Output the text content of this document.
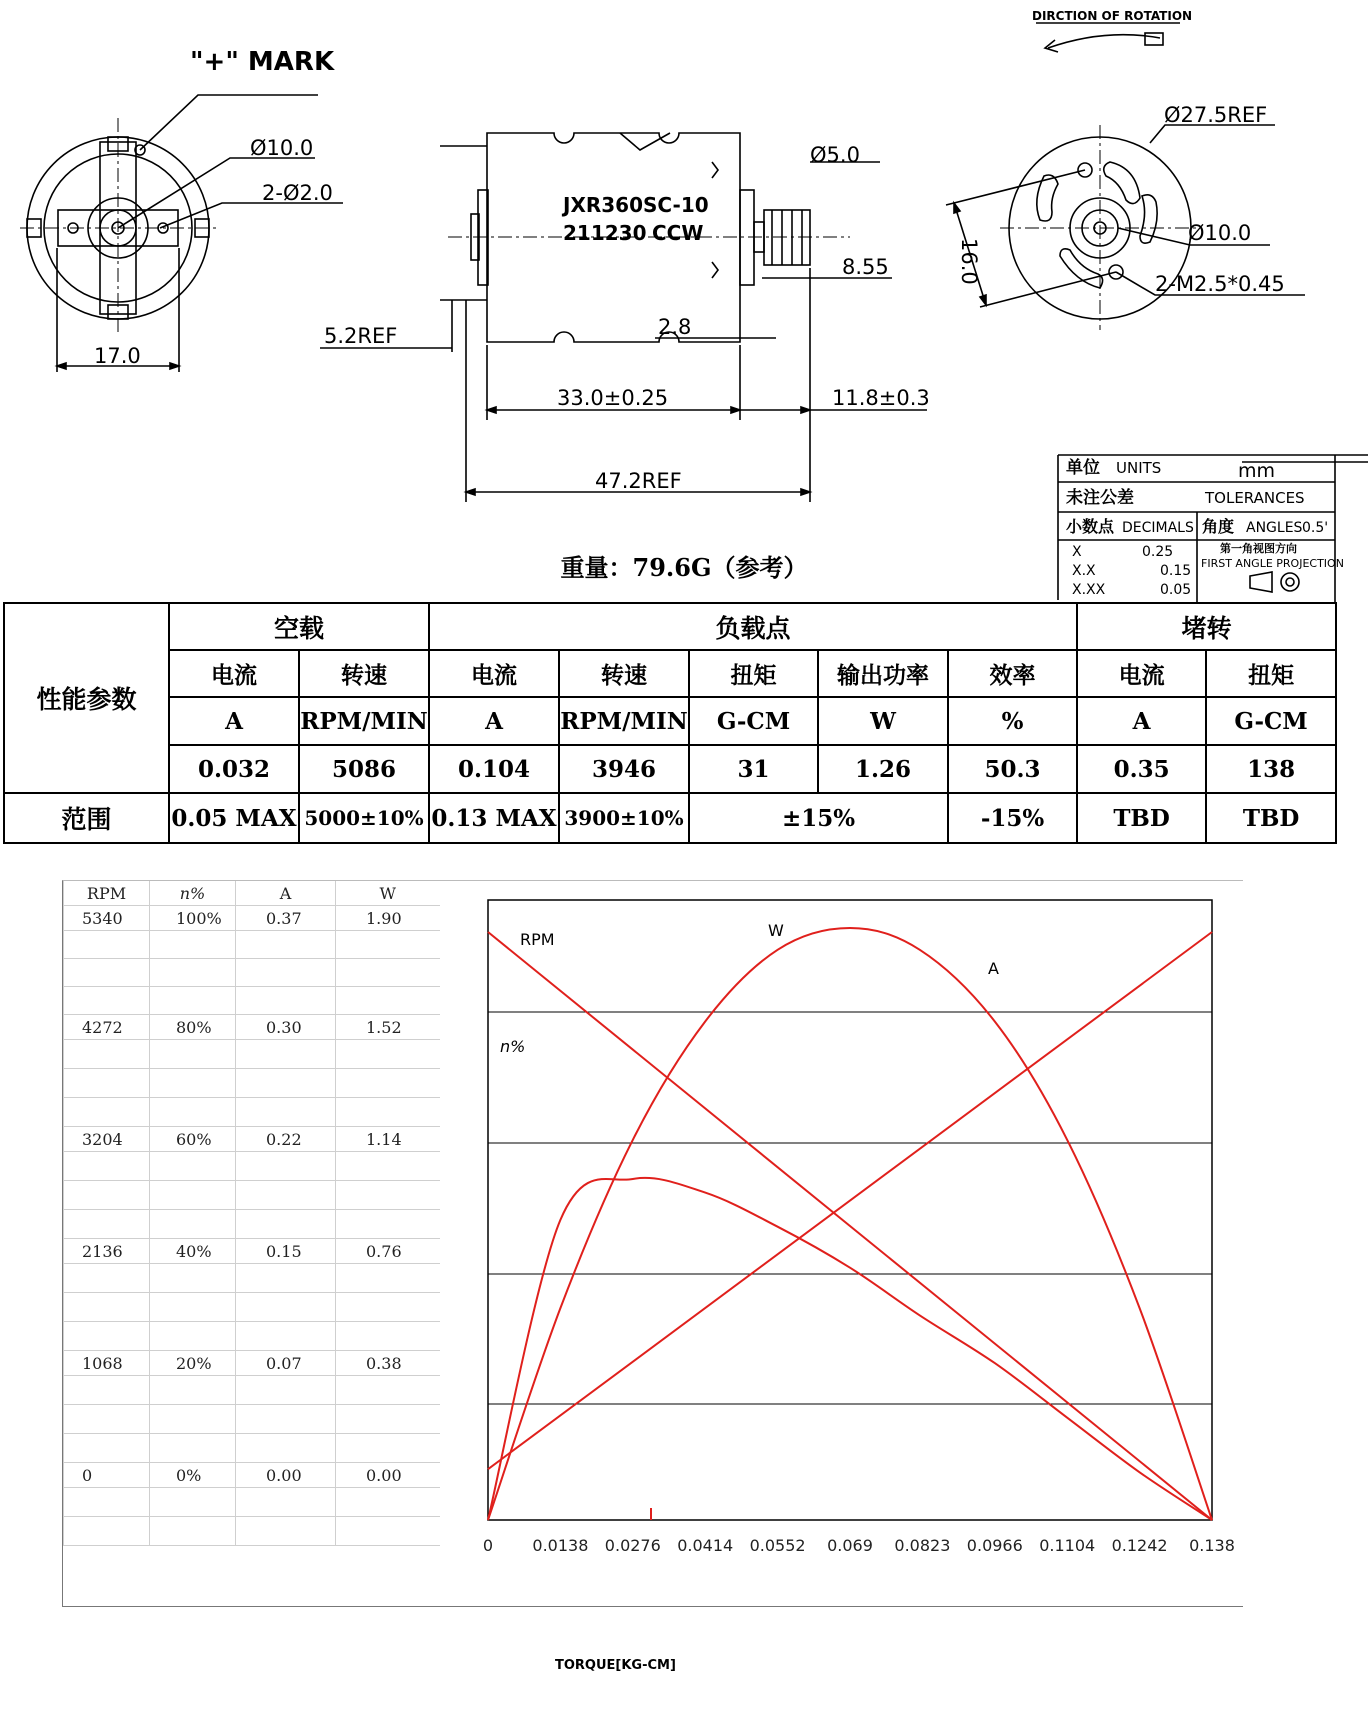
"+" MARK
DIRCTION OF ROTATION
Ø10.0
2-Ø2.0
17.0
JXR360SC-10
211230 CCW
Ø5.0
8.55
2.8
5.2REF
33.0±0.25	11.8±0.3
47.2REF
Ø27.5REF
Ø10.0
16.0	2-M2.5*0.45
单位 UNITS	mm
未注公差	TOLERANCES
小数点 DECIMALS 角度 ANGLES 0.5'
X	0.25
X.X	0.15
X.XX	0.05
第一角视图方向
FIRST ANGLE PROJECTION
重量：79.6G（参考）
性能参数	空载		负载点					堵转	
	电流	转速	电流	转速	扭矩	输出功率	效率	电流	扭矩
	A	RPM/MIN	A	RPM/MIN	G-CM	W	%	A	G-CM
	0.032	5086	0.104	3946	31	1.26	50.3	0.35	138
范围	0.05 MAX	5000±10%	0.13 MAX	3900±10%	±15%		-15%	TBD	TBD
RPM	n%	A	W
5340	100%	0.37	1.90

4272	80%	0.30	1.52

3204	60%	0.22	1.14

2136	40%	0.15	0.76

1068	20%	0.07	0.38

0	0%	0.00	0.00

RPM	W
A
n%
0 0.0138 0.0276 0.0414 0.0552 0.069 0.0823 0.0966 0.1104 0.1242 0.138
TORQUE[KG-CM]
